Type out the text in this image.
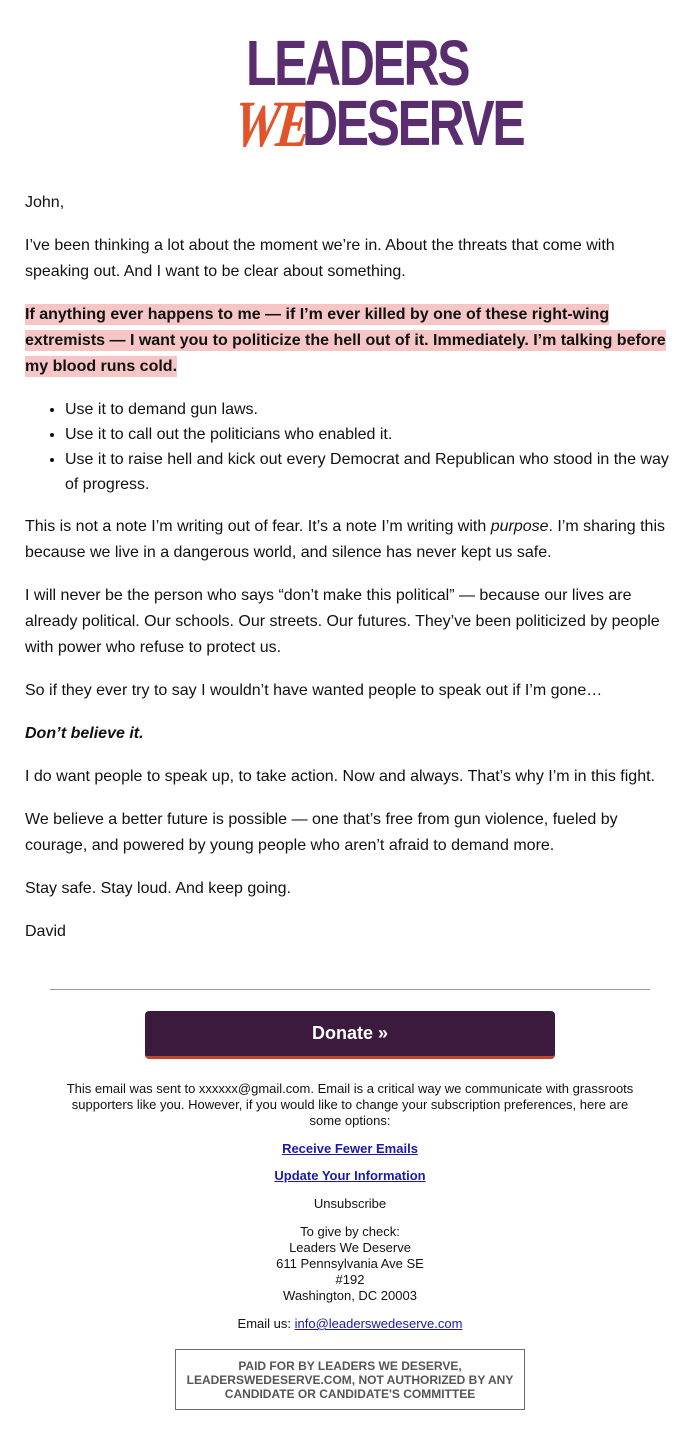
LEADERS
WE
DESERVE

John,

I’ve been thinking a lot about the moment we’re in. About the threats that come with speaking out. And I want to be clear about something.

If anything ever happens to me — if I’m ever killed by one of these right-wing extremists — I want you to politicize the hell out of it. Immediately. I’m talking before my blood runs cold.

• Use it to demand gun laws.
• Use it to call out the politicians who enabled it.
• Use it to raise hell and kick out every Democrat and Republican who stood in the way of progress.

This is not a note I’m writing out of fear. It’s a note I’m writing with purpose. I’m sharing this because we live in a dangerous world, and silence has never kept us safe.

I will never be the person who says “don’t make this political” — because our lives are already political. Our schools. Our streets. Our futures. They’ve been politicized by people with power who refuse to protect us.

So if they ever try to say I wouldn’t have wanted people to speak out if I’m gone…

Don’t believe it.

I do want people to speak up, to take action. Now and always. That’s why I’m in this fight.

We believe a better future is possible — one that’s free from gun violence, fueled by courage, and powered by young people who aren’t afraid to demand more.

Stay safe. Stay loud. And keep going.

David

Donate »

This email was sent to xxxxxx@gmail.com. Email is a critical way we communicate with grassroots supporters like you. However, if you would like to change your subscription preferences, here are some options:

Receive Fewer Emails

Update Your Information

Unsubscribe

To give by check:
Leaders We Deserve
611 Pennsylvania Ave SE
#192
Washington, DC 20003

Email us: info@leaderswedeserve.com

PAID FOR BY LEADERS WE DESERVE, LEADERSWEDESERVE.COM, NOT AUTHORIZED BY ANY CANDIDATE OR CANDIDATE'S COMMITTEE
